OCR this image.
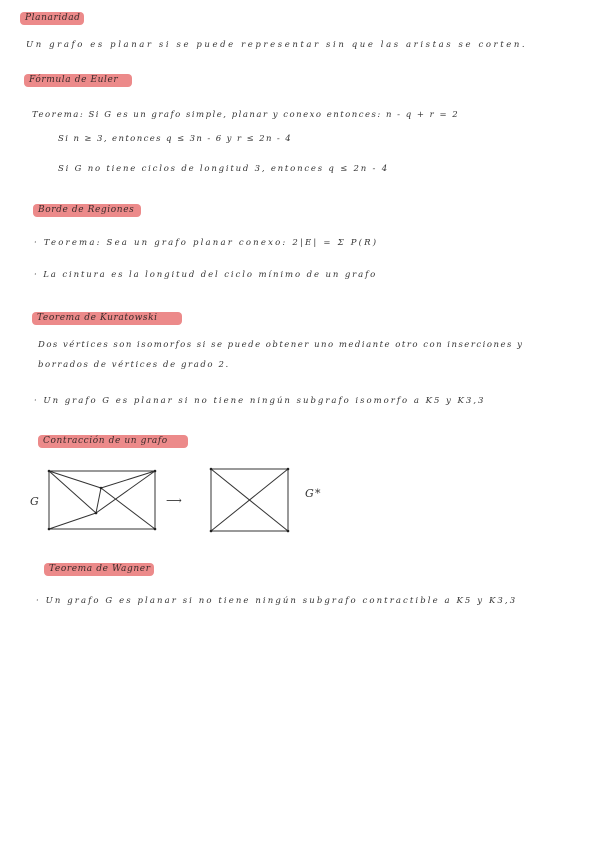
Planaridad
Un grafo es planar si se puede representar sin que las aristas se corten.
Fórmula de Euler
Teorema: Si G es un grafo simple, planar y conexo entonces: n - q + r = 2
Si n ≥ 3, entonces q ≤ 3n - 6 y r ≤ 2n - 4
Si G no tiene ciclos de longitud 3, entonces q ≤ 2n - 4
Borde de Regiones
· Teorema: Sea un grafo planar conexo: 2|E| = Σ P(R)
· La cintura es la longitud del ciclo mínimo de un grafo
Teorema de Kuratowski
Dos vértices son isomorfos si se puede obtener uno mediante otro con inserciones y
borrados de vértices de grado 2.
· Un grafo G es planar si no tiene ningún subgrafo isomorfo a K5 y K3,3
Contracción de un grafo
G	⟶
G*
Teorema de Wagner
· Un grafo G es planar si no tiene ningún subgrafo contractible a K5 y K3,3
